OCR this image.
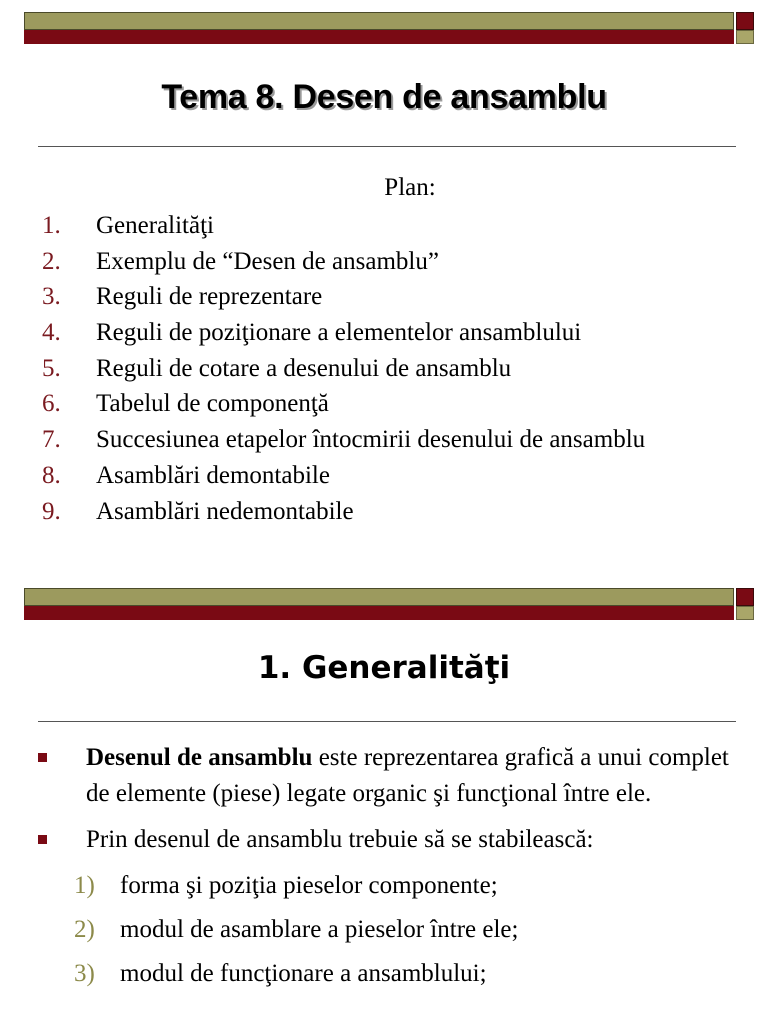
Tema 8. Desen de ansamblu
Plan:
1. Generalităţi
2. Exemplu de “Desen de ansamblu”
3. Reguli de reprezentare
4. Reguli de poziţionare a elementelor ansamblului
5. Reguli de cotare a desenului de ansamblu
6. Tabelul de componenţă
7. Succesiunea etapelor întocmirii desenului de ansamblu
8. Asamblări demontabile
9. Asamblări nedemontabile
1. Generalităţi
Desenul de ansamblu este reprezentarea grafică a unui complet de elemente (piese) legate organic şi funcţional între ele.
Prin desenul de ansamblu trebuie să se stabilească:
1) forma şi poziţia pieselor componente;
2) modul de asamblare a pieselor între ele;
3) modul de funcţionare a ansamblului;
